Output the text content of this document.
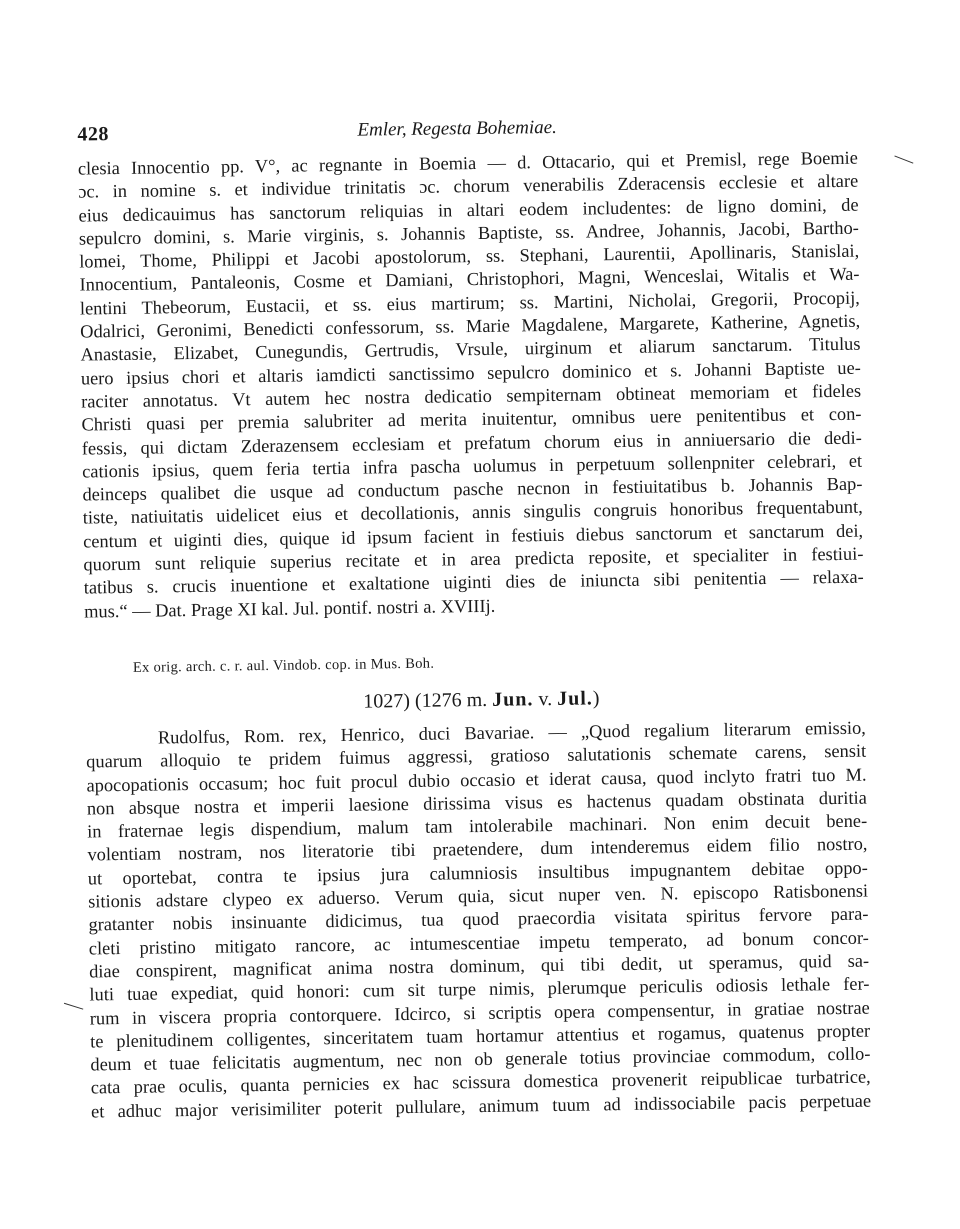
428	Emler, Regesta Bohemiae.
clesia Innocentio pp. V°, ac regnante in Boemia — d. Ottacario, qui et Premisl, rege Boemie
ɔc. in nomine s. et individue trinitatis ɔc. chorum venerabilis Zderacensis ecclesie et altare
eius dedicauimus has sanctorum reliquias in altari eodem includentes: de ligno domini, de
sepulcro domini, s. Marie virginis, s. Johannis Baptiste, ss. Andree, Johannis, Jacobi, Bartho-
lomei, Thome, Philippi et Jacobi apostolorum, ss. Stephani, Laurentii, Apollinaris, Stanislai,
Innocentium, Pantaleonis, Cosme et Damiani, Christophori, Magni, Wenceslai, Witalis et Wa-
lentini Thebeorum, Eustacii, et ss. eius martirum; ss. Martini, Nicholai, Gregorii, Procopij,
Odalrici, Geronimi, Benedicti confessorum, ss. Marie Magdalene, Margarete, Katherine, Agnetis,
Anastasie, Elizabet, Cunegundis, Gertrudis, Vrsule, uirginum et aliarum sanctarum. Titulus
uero ipsius chori et altaris iamdicti sanctissimo sepulcro dominico et s. Johanni Baptiste ue-
raciter annotatus. Vt autem hec nostra dedicatio sempiternam obtineat memoriam et fideles
Christi quasi per premia salubriter ad merita inuitentur, omnibus uere penitentibus et con-
fessis, qui dictam Zderazensem ecclesiam et prefatum chorum eius in anniuersario die dedi-
cationis ipsius, quem feria tertia infra pascha uolumus in perpetuum sollenpniter celebrari, et
deinceps qualibet die usque ad conductum pasche necnon in festiuitatibus b. Johannis Bap-
tiste, natiuitatis uidelicet eius et decollationis, annis singulis congruis honoribus frequentabunt,
centum et uiginti dies, quique id ipsum facient in festiuis diebus sanctorum et sanctarum dei,
quorum sunt reliquie superius recitate et in area predicta reposite, et specialiter in festiui-
tatibus s. crucis inuentione et exaltatione uiginti dies de iniuncta sibi penitentia — relaxa-
mus.“ — Dat. Prage XI kal. Jul. pontif. nostri a. XVIIIj.
Ex orig. arch. c. r. aul. Vindob. cop. in Mus. Boh.
1027) (1276 m. Jun. v. Jul.)
Rudolfus, Rom. rex, Henrico, duci Bavariae. — „Quod regalium literarum emissio,
quarum alloquio te pridem fuimus aggressi, gratioso salutationis schemate carens, sensit
apocopationis occasum; hoc fuit procul dubio occasio et iderat causa, quod inclyto fratri tuo M.
non absque nostra et imperii laesione dirissima visus es hactenus quadam obstinata duritia
in fraternae legis dispendium, malum tam intolerabile machinari. Non enim decuit bene-
volentiam nostram, nos literatorie tibi praetendere, dum intenderemus eidem filio nostro,
ut oportebat, contra te ipsius jura calumniosis insultibus impugnantem debitae oppo-
sitionis adstare clypeo ex aduerso. Verum quia, sicut nuper ven. N. episcopo Ratisbonensi
gratanter nobis insinuante didicimus, tua quod praecordia visitata spiritus fervore para-
cleti pristino mitigato rancore, ac intumescentiae impetu temperato, ad bonum concor-
diae conspirent, magnificat anima nostra dominum, qui tibi dedit, ut speramus, quid sa-
luti tuae expediat, quid honori: cum sit turpe nimis, plerumque periculis odiosis lethale fer-
rum in viscera propria contorquere. Idcirco, si scriptis opera compensentur, in gratiae nostrae
te plenitudinem colligentes, sinceritatem tuam hortamur attentius et rogamus, quatenus propter
deum et tuae felicitatis augmentum, nec non ob generale totius provinciae commodum, collo-
cata prae oculis, quanta pernicies ex hac scissura domestica provenerit reipublicae turbatrice,
et adhuc major verisimiliter poterit pullulare, animum tuum ad indissociabile pacis perpetuae
